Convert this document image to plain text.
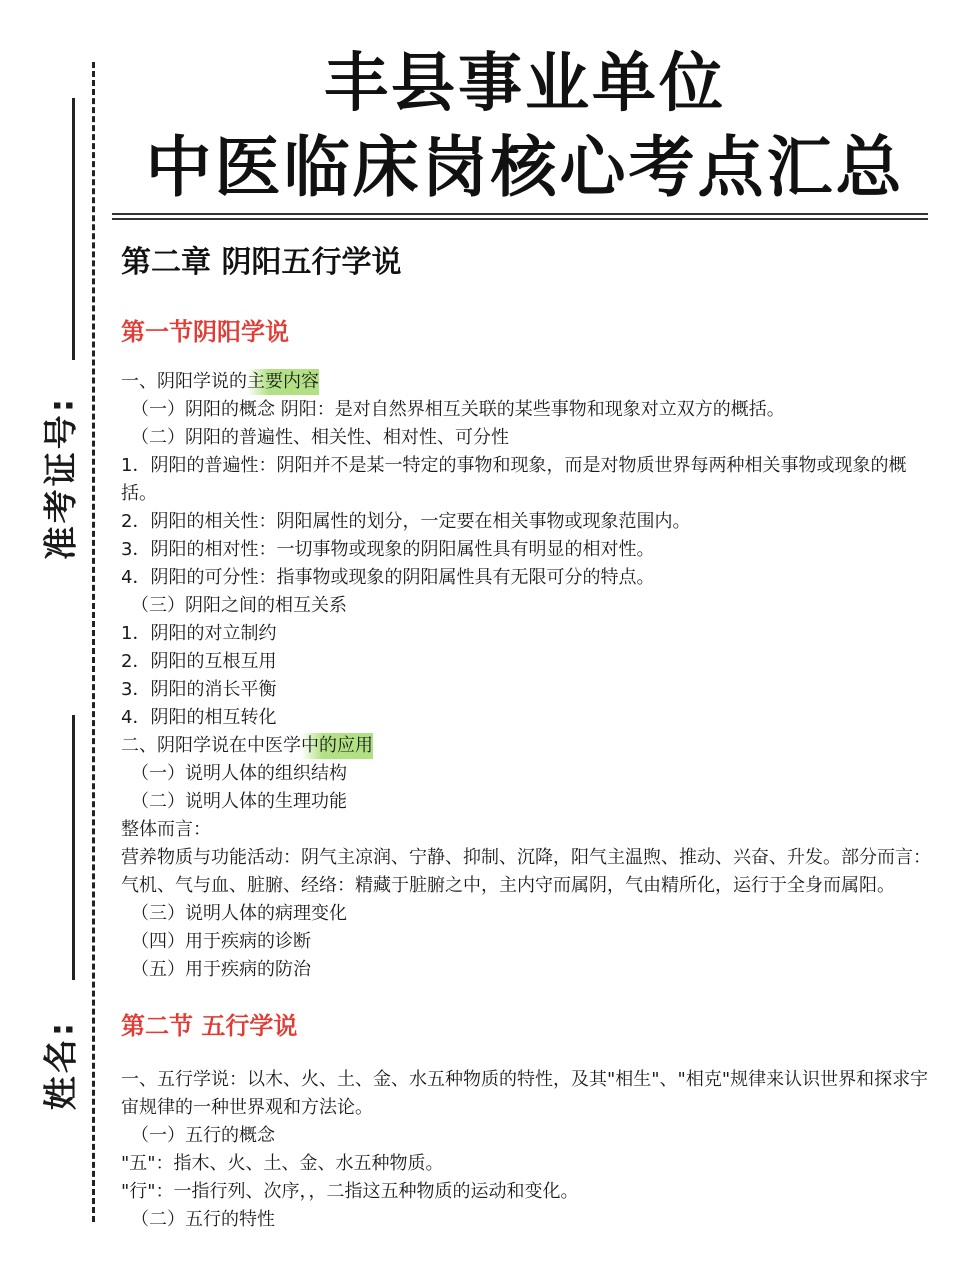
准考证号:
姓名:
丰县事业单位
中医临床岗核心考点汇总
第二章 阴阳五行学说
第一节阴阳学说
一、阴阳学说的主要内容
（一）阴阳的概念 阴阳：是对自然界相互关联的某些事物和现象对立双方的概括。
（二）阴阳的普遍性、相关性、相对性、可分性
1．阴阳的普遍性：阴阳并不是某一特定的事物和现象，而是对物质世界每两种相关事物或现象的概括。
2．阴阳的相关性：阴阳属性的划分，一定要在相关事物或现象范围内。
3．阴阳的相对性：一切事物或现象的阴阳属性具有明显的相对性。
4．阴阳的可分性：指事物或现象的阴阳属性具有无限可分的特点。
（三）阴阳之间的相互关系
1．阴阳的对立制约
2．阴阳的互根互用
3．阴阳的消长平衡
4．阴阳的相互转化
二、阴阳学说在中医学中的应用
（一）说明人体的组织结构
（二）说明人体的生理功能
整体而言：
营养物质与功能活动：阴气主凉润、宁静、抑制、沉降，阳气主温煦、推动、兴奋、升发。部分而言：气机、气与血、脏腑、经络：精藏于脏腑之中，主内守而属阴，气由精所化，运行于全身而属阳。
（三）说明人体的病理变化
（四）用于疾病的诊断
（五）用于疾病的防治
第二节 五行学说
一、五行学说：以木、火、土、金、水五种物质的特性，及其"相生"、"相克"规律来认识世界和探求宇宙规律的一种世界观和方法论。
（一）五行的概念
"五"：指木、火、土、金、水五种物质。
"行"：一指行列、次序，，二指这五种物质的运动和变化。
（二）五行的特性
